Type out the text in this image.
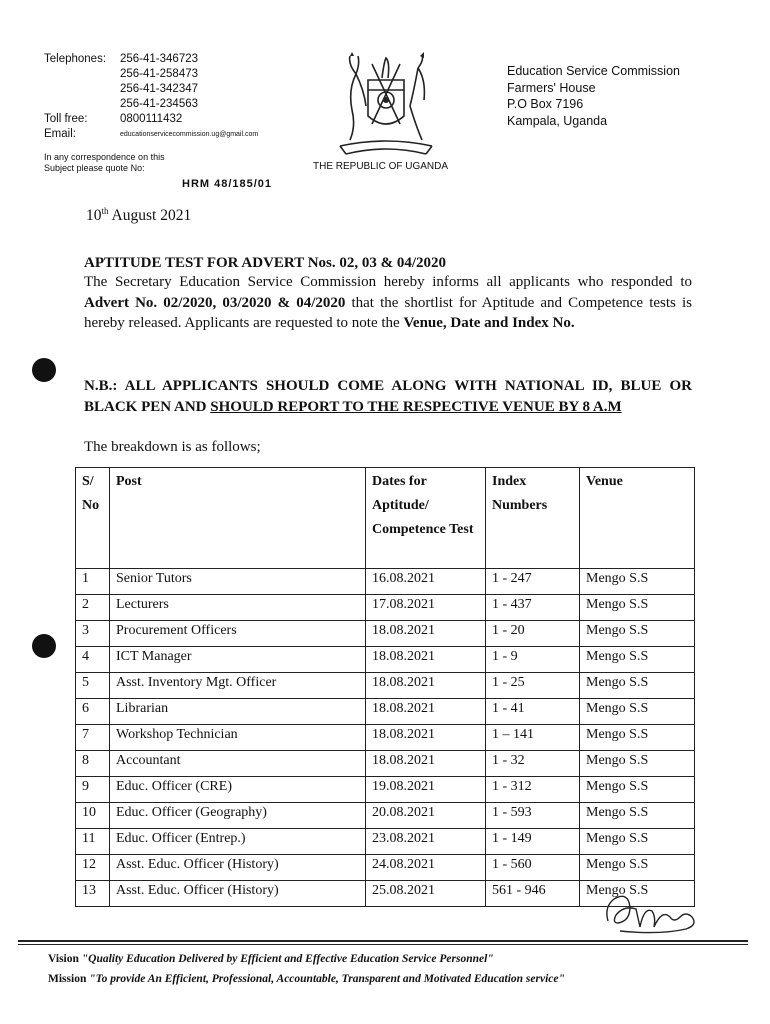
Telephones:	256-41-346723
256-41-258473
256-41-342347
256-41-234563
Toll free:	0800111432
Email:	educationservicecommission.ug@gmail.com
In any correspondence on this
Subject please quote No:
HRM 48/185/01
THE REPUBLIC OF UGANDA
Education Service Commission
Farmers' House
P.O Box 7196
Kampala, Uganda
10th August 2021
APTITUDE TEST FOR ADVERT Nos. 02, 03 & 04/2020
The Secretary Education Service Commission hereby informs all applicants who responded to Advert No. 02/2020, 03/2020 & 04/2020 that the shortlist for Aptitude and Competence tests is hereby released. Applicants are requested to note the Venue, Date and Index No.
N.B.: ALL APPLICANTS SHOULD COME ALONG WITH NATIONAL ID, BLUE OR BLACK PEN AND SHOULD REPORT TO THE RESPECTIVE VENUE BY 8 A.M
The breakdown is as follows;
S/ No	Post	Dates for Aptitude/ Competence Test	Index Numbers	Venue
1	Senior Tutors	16.08.2021	1 - 247	Mengo S.S
2	Lecturers	17.08.2021	1 - 437	Mengo S.S
3	Procurement Officers	18.08.2021	1 - 20	Mengo S.S
4	ICT Manager	18.08.2021	1 - 9	Mengo S.S
5	Asst. Inventory Mgt. Officer	18.08.2021	1 - 25	Mengo S.S
6	Librarian	18.08.2021	1 - 41	Mengo S.S
7	Workshop Technician	18.08.2021	1 – 141	Mengo S.S
8	Accountant	18.08.2021	1 - 32	Mengo S.S
9	Educ. Officer (CRE)	19.08.2021	1 - 312	Mengo S.S
10	Educ. Officer (Geography)	20.08.2021	1 - 593	Mengo S.S
11	Educ. Officer (Entrep.)	23.08.2021	1 - 149	Mengo S.S
12	Asst. Educ. Officer (History)	24.08.2021	1 - 560	Mengo S.S
13	Asst. Educ. Officer (History)	25.08.2021	561 - 946	Mengo S.S
Vision "Quality Education Delivered by Efficient and Effective Education Service Personnel"
Mission "To provide An Efficient, Professional, Accountable, Transparent and Motivated Education service"
